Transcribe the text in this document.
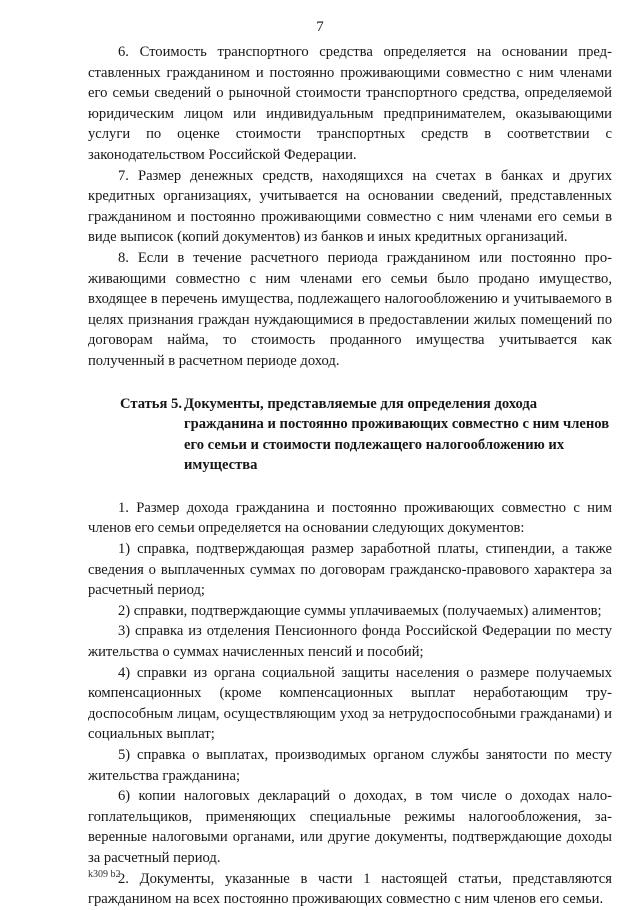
7

6. Стоимость транспортного средства определяется на основании представленных гражданином и постоянно проживающими совместно с ним членами его семьи сведений о рыночной стоимости транспортного средства, определяемой юридическим лицом или индивидуальным предпринимателем, оказывающими услуги по оценке стоимости транспортных средств в соответствии с законодательством Российской Федерации.

7. Размер денежных средств, находящихся на счетах в банках и других кредитных организациях, учитывается на основании сведений, представленных гражданином и постоянно проживающими совместно с ним членами его семьи в виде выписок (копий документов) из банков и иных кредитных организаций.

8. Если в течение расчетного периода гражданином или постоянно проживающими совместно с ним членами его семьи было продано имущество, входящее в перечень имущества, подлежащего налогообложению и учитываемого в целях признания граждан нуждающимися в предоставлении жилых помещений по договорам найма, то стоимость проданного имущества учитывается как полученный в расчетном периоде доход.

Статья 5. Документы, представляемые для определения дохода гражданина и постоянно проживающих совместно с ним членов его семьи и стоимости подлежащего налогообложению их имущества

1. Размер дохода гражданина и постоянно проживающих совместно с ним членов его семьи определяется на основании следующих документов:

1) справка, подтверждающая размер заработной платы, стипендии, а также сведения о выплаченных суммах по договорам гражданско-правового характера за расчетный период;

2) справки, подтверждающие суммы уплачиваемых (получаемых) алиментов;

3) справка из отделения Пенсионного фонда Российской Федерации по месту жительства о суммах начисленных пенсий и пособий;

4) справки из органа социальной защиты населения о размере получаемых компенсационных (кроме компенсационных выплат неработающим трудоспособным лицам, осуществляющим уход за нетрудоспособными гражданами) и социальных выплат;

5) справка о выплатах, производимых органом службы занятости по месту жительства гражданина;

6) копии налоговых деклараций о доходах, в том числе о доходах налогоплательщиков, применяющих специальные режимы налогообложения, заверенные налоговыми органами, или другие документы, подтверждающие доходы за расчетный период.

2. Документы, указанные в части 1 настоящей статьи, представляются гражданином на всех постоянно проживающих совместно с ним членов его семьи.

k309 b2
